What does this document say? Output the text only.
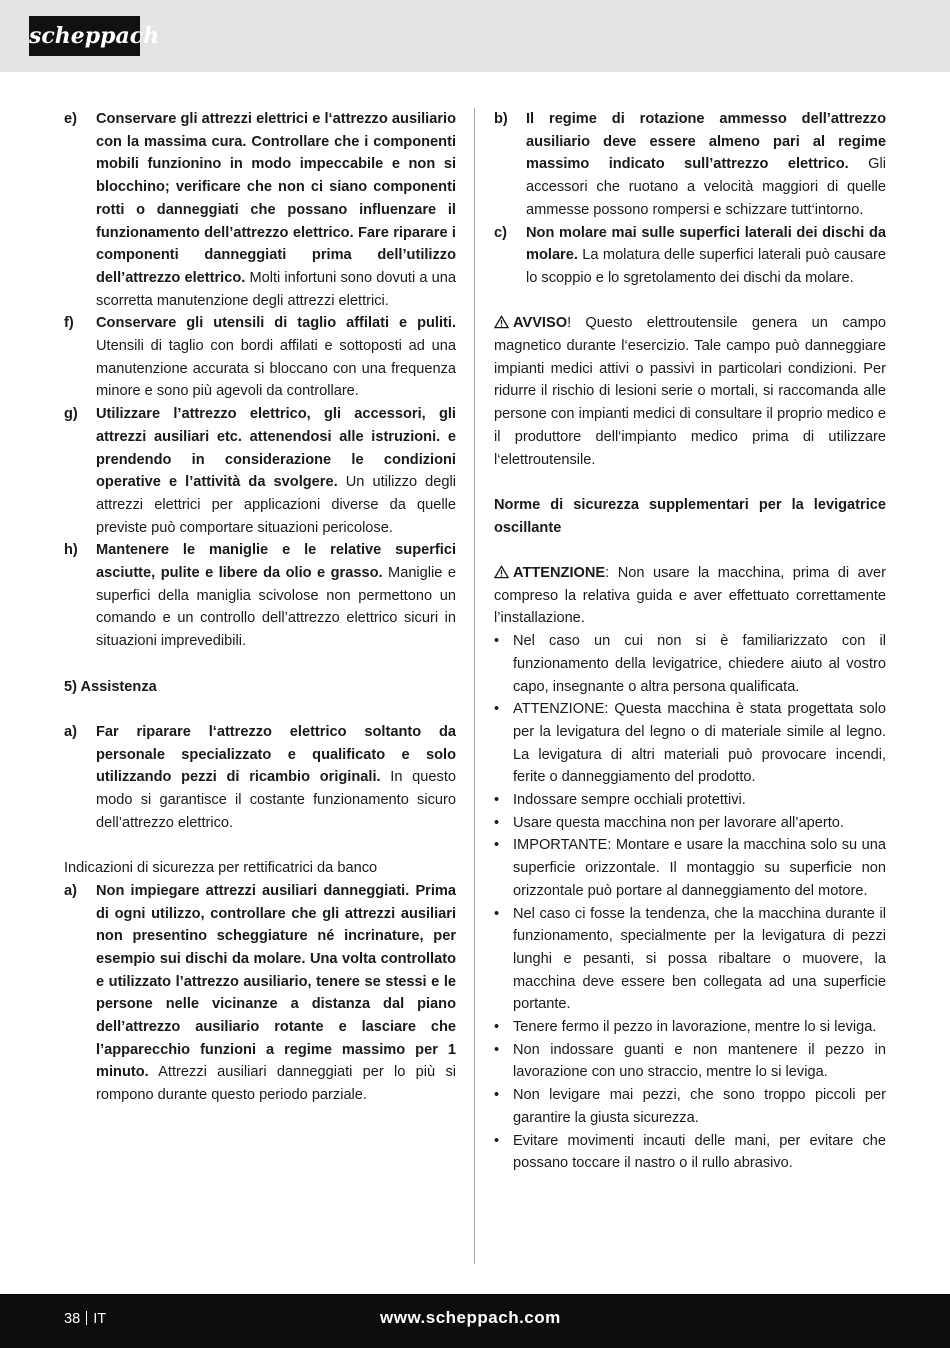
scheppach
e) Conservare gli attrezzi elettrici e l‘attrezzo ausiliario con la massima cura. Controllare che i componenti mobili funzionino in modo impeccabile e non si blocchino; verificare che non ci siano componenti rotti o danneggiati che possano influenzare il funzionamento dell’attrezzo elettrico. Fare riparare i componenti danneggiati prima dell’utilizzo dell’attrezzo elettrico. Molti infortuni sono dovuti a una scorretta manutenzione degli attrezzi elettrici.
f) Conservare gli utensili di taglio affilati e puliti. Utensili di taglio con bordi affilati e sottoposti ad una manutenzione accurata si bloccano con una frequenza minore e sono più agevoli da controllare.
g) Utilizzare l’attrezzo elettrico, gli accessori, gli attrezzi ausiliari etc. attenendosi alle istruzioni. e prendendo in considerazione le condizioni operative e l’attività da svolgere. Un utilizzo degli attrezzi elettrici per applicazioni diverse da quelle previste può comportare situazioni pericolose.
h) Mantenere le maniglie e le relative superfici asciutte, pulite e libere da olio e grasso. Maniglie e superfici della maniglia scivolose non permettono un comando e un controllo dell’attrezzo elettrico sicuri in situazioni imprevedibili.
5) Assistenza
a) Far riparare l‘attrezzo elettrico soltanto da personale specializzato e qualificato e solo utilizzando pezzi di ricambio originali. In questo modo si garantisce il costante funzionamento sicuro dell’attrezzo elettrico.
Indicazioni di sicurezza per rettificatrici da banco
a) Non impiegare attrezzi ausiliari danneggiati. Prima di ogni utilizzo, controllare che gli attrezzi ausiliari non presentino scheggiature né incrinature, per esempio sui dischi da molare. Una volta controllato e utilizzato l’attrezzo ausiliario, tenere se stessi e le persone nelle vicinanze a distanza dal piano dell’attrezzo ausiliario rotante e lasciare che l’apparecchio funzioni a regime massimo per 1 minuto. Attrezzi ausiliari danneggiati per lo più si rompono durante questo periodo parziale.
b) Il regime di rotazione ammesso dell’attrezzo ausiliario deve essere almeno pari al regime massimo indicato sull’attrezzo elettrico. Gli accessori che ruotano a velocità maggiori di quelle ammesse possono rompersi e schizzare tutt‘intorno.
c) Non molare mai sulle superfici laterali dei dischi da molare. La molatura delle superfici laterali può causare lo scoppio e lo sgretolamento dei dischi da molare.
AVVISO! Questo elettroutensile genera un campo magnetico durante l‘esercizio. Tale campo può danneggiare impianti medici attivi o passivi in particolari condizioni. Per ridurre il rischio di lesioni serie o mortali, si raccomanda alle persone con impianti medici di consultare il proprio medico e il produttore dell‘impianto medico prima di utilizzare l‘elettroutensile.
Norme di sicurezza supplementari per la levigatrice oscillante
ATTENZIONE: Non usare la macchina, prima di aver compreso la relativa guida e aver effettuato correttamente l’installazione.
• Nel caso un cui non si è familiarizzato con il funzionamento della levigatrice, chiedere aiuto al vostro capo, insegnante o altra persona qualificata.
• ATTENZIONE: Questa macchina è stata progettata solo per la levigatura del legno o di materiale simile al legno. La levigatura di altri materiali può provocare incendi, ferite o danneggiamento del prodotto.
• Indossare sempre occhiali protettivi.
• Usare questa macchina non per lavorare all’aperto.
• IMPORTANTE: Montare e usare la macchina solo su una superficie orizzontale. Il montaggio su superficie non orizzontale può portare al danneggiamento del motore.
• Nel caso ci fosse la tendenza, che la macchina durante il funzionamento, specialmente per la levigatura di pezzi lunghi e pesanti, si possa ribaltare o muovere, la macchina deve essere ben collegata ad una superficie portante.
• Tenere fermo il pezzo in lavorazione, mentre lo si leviga.
• Non indossare guanti e non mantenere il pezzo in lavorazione con uno straccio, mentre lo si leviga.
• Non levigare mai pezzi, che sono troppo piccoli per garantire la giusta sicurezza.
• Evitare movimenti incauti delle mani, per evitare che possano toccare il nastro o il rullo abrasivo.
38 IT	www.scheppach.com
